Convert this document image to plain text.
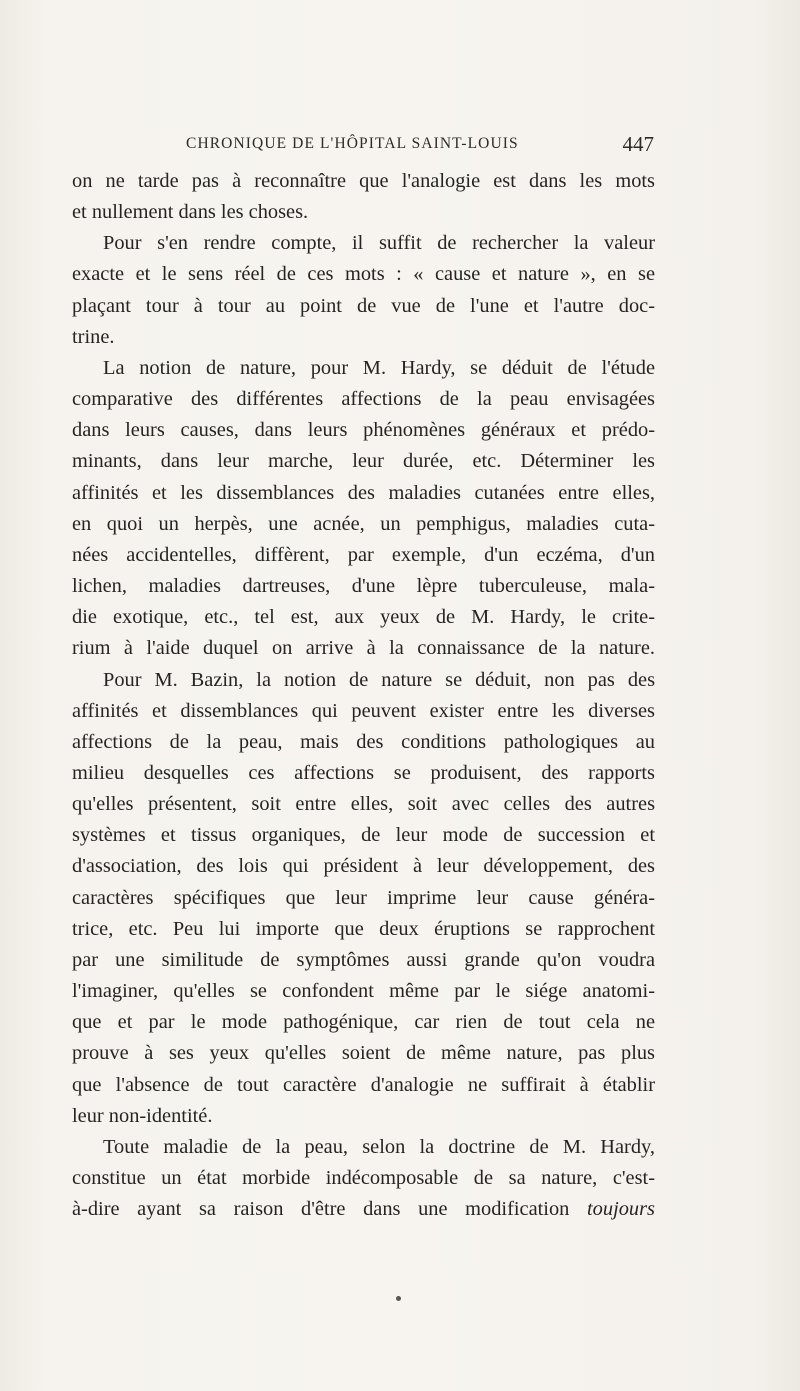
CHRONIQUE DE L'HÔPITAL SAINT-LOUIS	447
on ne tarde pas à reconnaître que l'analogie est dans les mots
et nullement dans les choses.
Pour s'en rendre compte, il suffit de rechercher la valeur
exacte et le sens réel de ces mots : « cause et nature », en se
plaçant tour à tour au point de vue de l'une et l'autre doc-
trine.
La notion de nature, pour M. Hardy, se déduit de l'étude
comparative des différentes affections de la peau envisagées
dans leurs causes, dans leurs phénomènes généraux et prédo-
minants, dans leur marche, leur durée, etc. Déterminer les
affinités et les dissemblances des maladies cutanées entre elles,
en quoi un herpès, une acnée, un pemphigus, maladies cuta-
nées accidentelles, diffèrent, par exemple, d'un eczéma, d'un
lichen, maladies dartreuses, d'une lèpre tuberculeuse, mala-
die exotique, etc., tel est, aux yeux de M. Hardy, le crite-
rium à l'aide duquel on arrive à la connaissance de la nature.
Pour M. Bazin, la notion de nature se déduit, non pas des
affinités et dissemblances qui peuvent exister entre les diverses
affections de la peau, mais des conditions pathologiques au
milieu desquelles ces affections se produisent, des rapports
qu'elles présentent, soit entre elles, soit avec celles des autres
systèmes et tissus organiques, de leur mode de succession et
d'association, des lois qui président à leur développement, des
caractères spécifiques que leur imprime leur cause généra-
trice, etc. Peu lui importe que deux éruptions se rapprochent
par une similitude de symptômes aussi grande qu'on voudra
l'imaginer, qu'elles se confondent même par le siége anatomi-
que et par le mode pathogénique, car rien de tout cela ne
prouve à ses yeux qu'elles soient de même nature, pas plus
que l'absence de tout caractère d'analogie ne suffirait à établir
leur non-identité.
Toute maladie de la peau, selon la doctrine de M. Hardy,
constitue un état morbide indécomposable de sa nature, c'est-
à-dire ayant sa raison d'être dans une modification toujours
